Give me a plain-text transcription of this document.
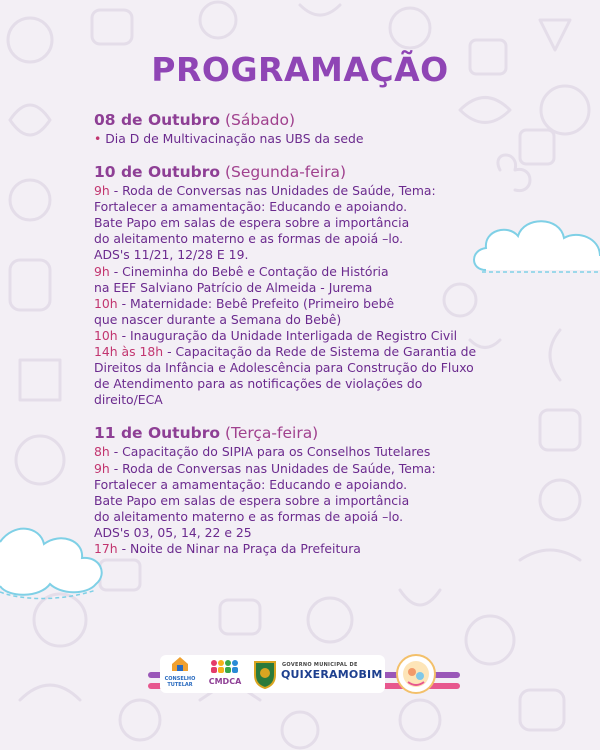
PROGRAMAÇÃO
08 de Outubro (Sábado)
• Dia D de Multivacinação nas UBS da sede
10 de Outubro (Segunda-feira)
9h - Roda de Conversas nas Unidades de Saúde, Tema:
Fortalecer a amamentação: Educando e apoiando.
Bate Papo em salas de espera sobre a importância
do aleitamento materno e as formas de apoiá –lo.
ADS's 11/21, 12/28 E 19.
9h - Cineminha do Bebê e Contação de História
na EEF Salviano Patrício de Almeida - Jurema
10h - Maternidade: Bebê Prefeito (Primeiro bebê
que nascer durante a Semana do Bebê)
10h - Inauguração da Unidade Interligada de Registro Civil
14h às 18h - Capacitação da Rede de Sistema de Garantia de
Direitos da Infância e Adolescência para Construção do Fluxo
de Atendimento para as notificações de violações do
direito/ECA
11 de Outubro (Terça-feira)
8h - Capacitação do SIPIA para os Conselhos Tutelares
9h - Roda de Conversas nas Unidades de Saúde, Tema:
Fortalecer a amamentação: Educando e apoiando.
Bate Papo em salas de espera sobre a importância
do aleitamento materno e as formas de apoiá –lo.
ADS's 03, 05, 14, 22 e 25
17h - Noite de Ninar na Praça da Prefeitura
CONSELHO TUTELAR	CMDCA
GOVERNO MUNICIPAL DE
QUIXERAMOBIM
